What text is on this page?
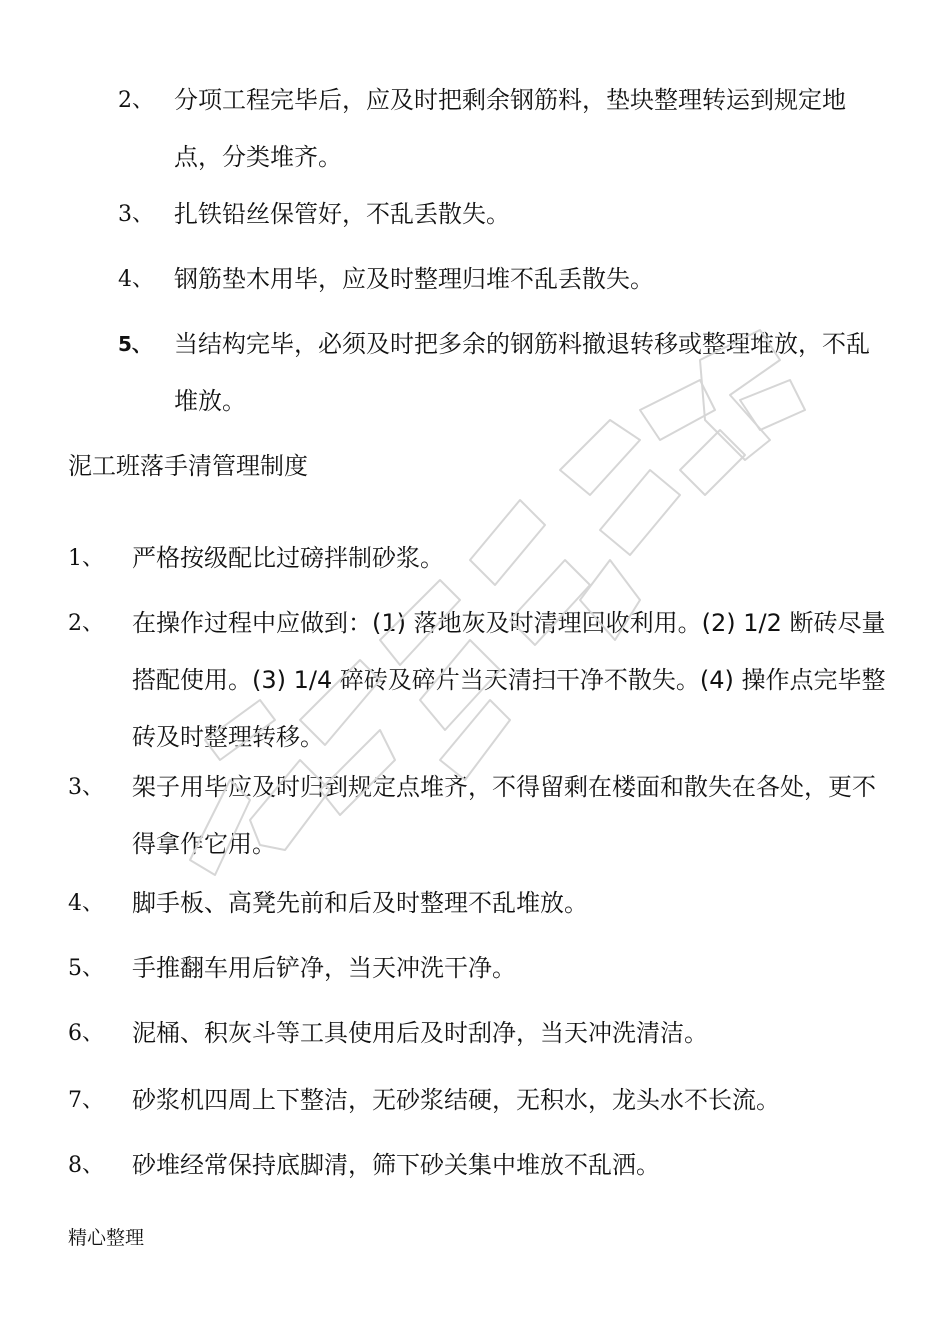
2、 分项工程完毕后，应及时把剩余钢筋料，垫块整理转运到规定地点，分类堆齐。
3、 扎铁铅丝保管好，不乱丢散失。
4、 钢筋垫木用毕，应及时整理归堆不乱丢散失。
5、 当结构完毕，必须及时把多余的钢筋料撤退转移或整理堆放，不乱堆放。
泥工班落手清管理制度
1、 严格按级配比过磅拌制砂浆。
2、 在操作过程中应做到：(1) 落地灰及时清理回收利用。(2) 1/2 断砖尽量搭配使用。(3) 1/4 碎砖及碎片当天清扫干净不散失。(4) 操作点完毕整砖及时整理转移。
3、 架子用毕应及时归到规定点堆齐，不得留剩在楼面和散失在各处，更不得拿作它用。
4、 脚手板、高凳先前和后及时整理不乱堆放。
5、 手推翻车用后铲净，当天冲洗干净。
6、 泥桶、积灰斗等工具使用后及时刮净，当天冲洗清洁。
7、 砂浆机四周上下整洁，无砂浆结硬，无积水，龙头水不长流。
8、 砂堆经常保持底脚清，筛下砂关集中堆放不乱洒。
精心整理
